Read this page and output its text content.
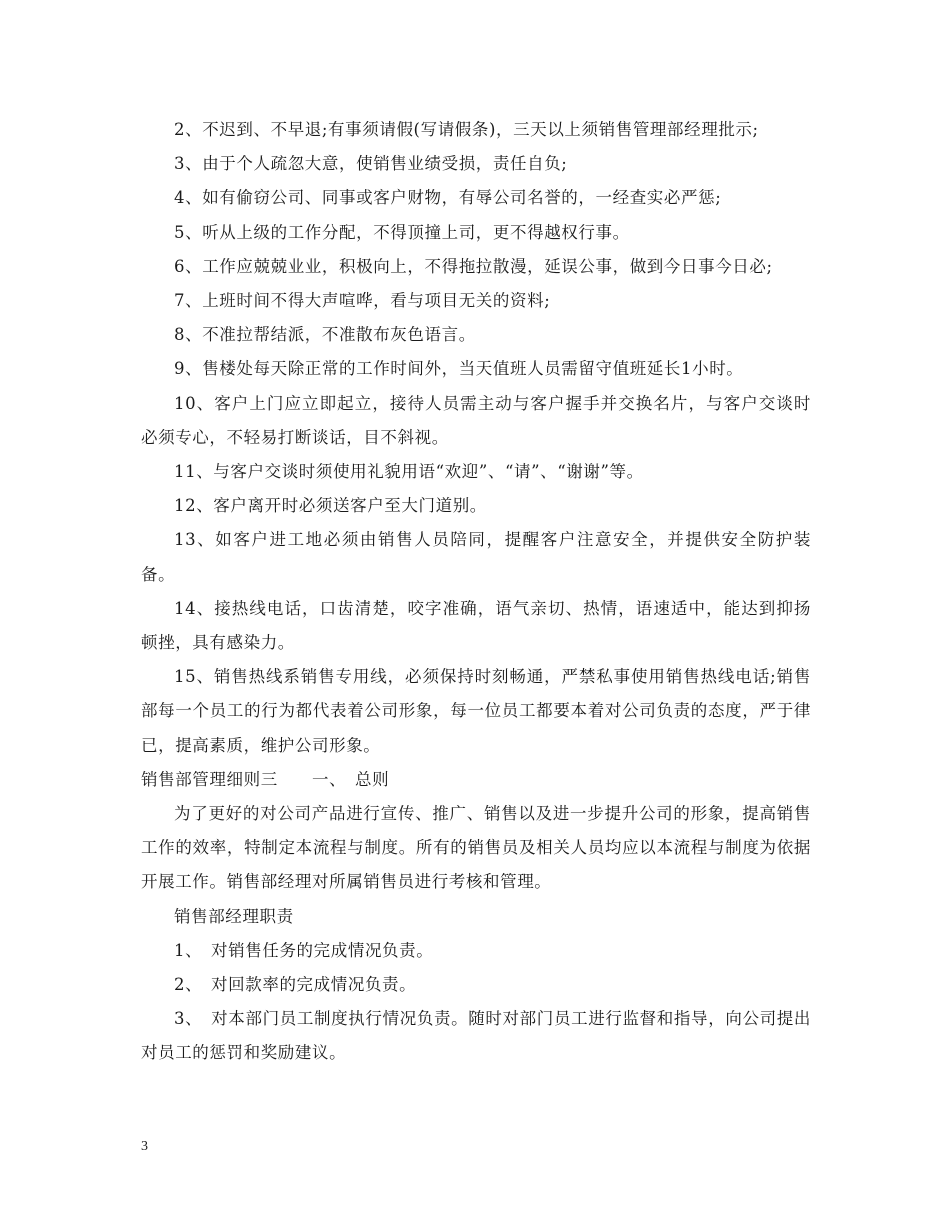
2、不迟到、不早退;有事须请假(写请假条)，三天以上须销售管理部经理批示;

3、由于个人疏忽大意，使销售业绩受损，责任自负;

4、如有偷窃公司、同事或客户财物，有辱公司名誉的，一经查实必严惩;

5、听从上级的工作分配，不得顶撞上司，更不得越权行事。

6、工作应兢兢业业，积极向上，不得拖拉散漫，延误公事，做到今日事今日必;

7、上班时间不得大声喧哗，看与项目无关的资料;

8、不准拉帮结派，不准散布灰色语言。

9、售楼处每天除正常的工作时间外，当天值班人员需留守值班延长1小时。

10、客户上门应立即起立，接待人员需主动与客户握手并交换名片，与客户交谈时必须专心，不轻易打断谈话，目不斜视。

11、与客户交谈时须使用礼貌用语“欢迎”、“请”、“谢谢”等。

12、客户离开时必须送客户至大门道别。

13、如客户进工地必须由销售人员陪同，提醒客户注意安全，并提供安全防护装备。

14、接热线电话，口齿清楚，咬字准确，语气亲切、热情，语速适中，能达到抑扬顿挫，具有感染力。

15、销售热线系销售专用线，必须保持时刻畅通，严禁私事使用销售热线电话;销售部每一个员工的行为都代表着公司形象，每一位员工都要本着对公司负责的态度，严于律已，提高素质，维护公司形象。

销售部管理细则三　　一、　总则

为了更好的对公司产品进行宣传、推广、销售以及进一步提升公司的形象，提高销售工作的效率，特制定本流程与制度。所有的销售员及相关人员均应以本流程与制度为依据开展工作。销售部经理对所属销售员进行考核和管理。

销售部经理职责

1、　对销售任务的完成情况负责。

2、　对回款率的完成情况负责。

3、　对本部门员工制度执行情况负责。随时对部门员工进行监督和指导，向公司提出对员工的惩罚和奖励建议。

3
